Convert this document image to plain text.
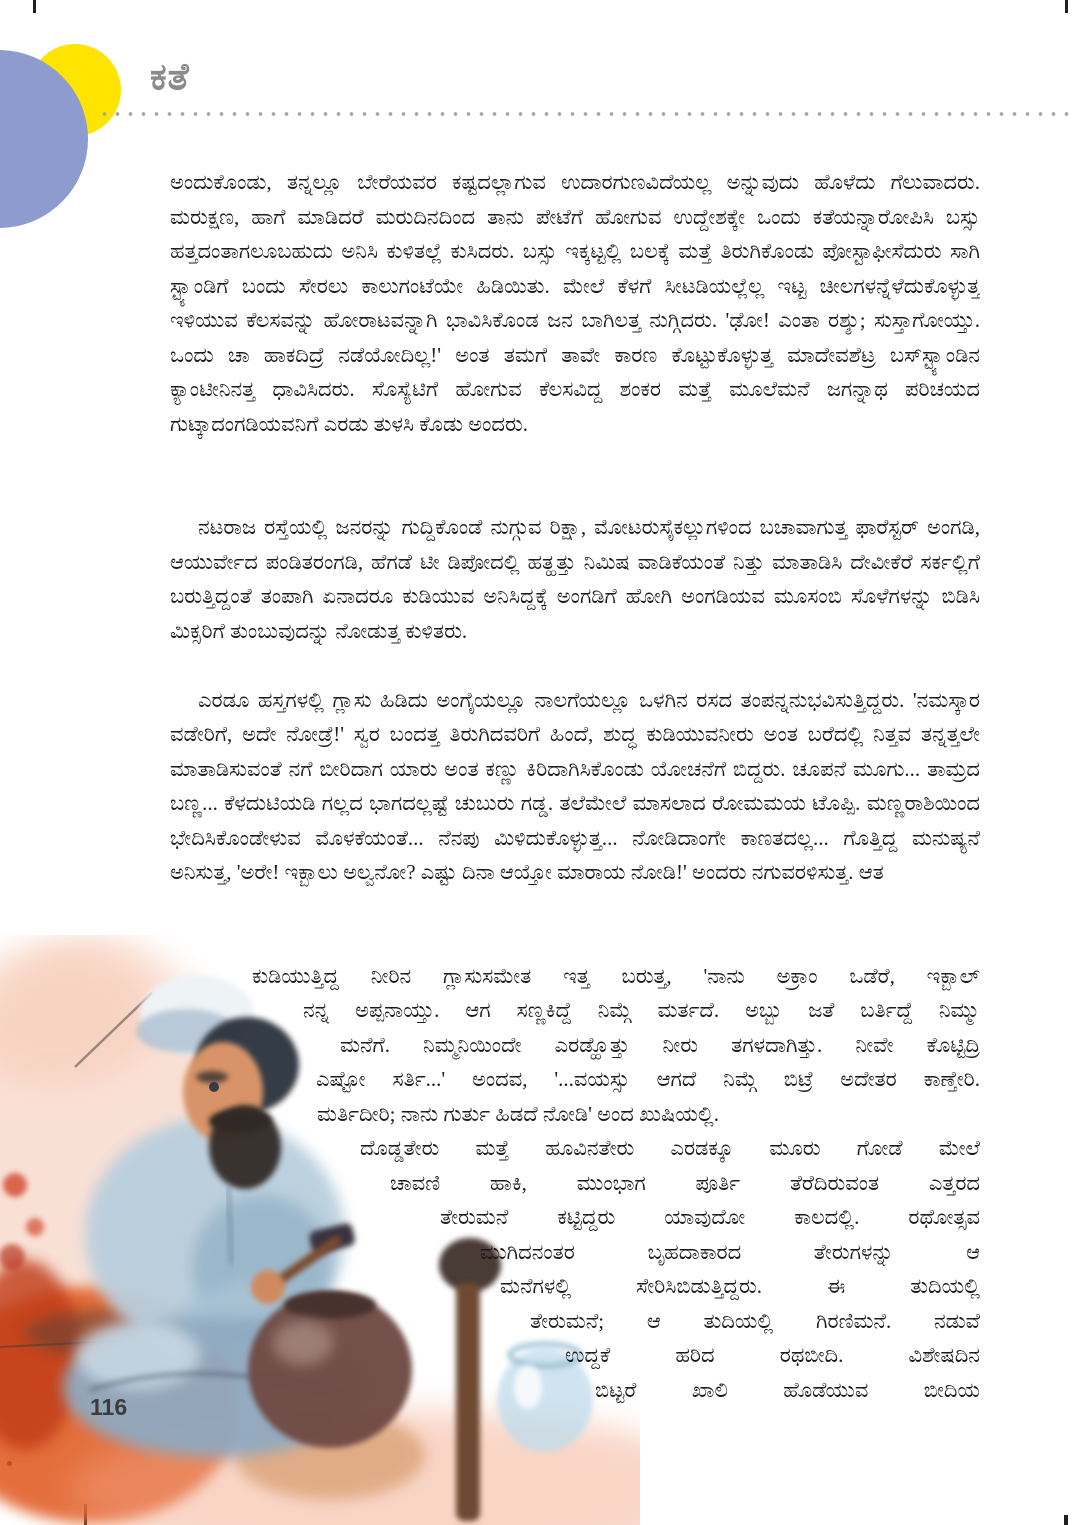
ಕತೆ
116

ಅಂದುಕೊಂಡು, ತನ್ನಲ್ಲೂ ಬೇರೆಯವರ ಕಷ್ಟದಲ್ಲಾಗುವ ಉದಾರಗುಣವಿದೆಯಲ್ಲ ಅನ್ನುವುದು ಹೊಳೆದು ಗೆಲುವಾದರು. ಮರುಕ್ಷಣ, ಹಾಗೆ ಮಾಡಿದರೆ ಮರುದಿನದಿಂದ ತಾನು ಪೇಟೆಗೆ ಹೋಗುವ ಉದ್ದೇಶಕ್ಕೇ ಒಂದು ಕತೆಯನ್ನಾರೋಪಿಸಿ ಬಸ್ಸು ಹತ್ತದಂತಾಗಲೂಬಹುದು ಅನಿಸಿ ಕುಳಿತಲ್ಲೆ ಕುಸಿದರು. ಬಸ್ಸು ಇಕ್ಕಟ್ಟಲ್ಲಿ ಬಲಕ್ಕೆ ಮತ್ತೆ ತಿರುಗಿಕೊಂಡು ಪೋಸ್ಟಾಫೀಸೆದುರು ಸಾಗಿ ಸ್ಟ್ಯಾಂಡಿಗೆ ಬಂದು ಸೇರಲು ಕಾಲುಗಂಟೆಯೇ ಹಿಡಿಯಿತು. ಮೇಲೆ ಕೆಳಗೆ ಸೀಟಡಿಯಲ್ಲೆಲ್ಲ ಇಟ್ಟ ಚೀಲಗಳನ್ನೆಳೆದುಕೊಳ್ಳುತ್ತ ಇಳಿಯುವ ಕೆಲಸವನ್ನು ಹೋರಾಟವನ್ನಾಗಿ ಭಾವಿಸಿಕೊಂಡ ಜನ ಬಾಗಿಲತ್ತ ನುಗ್ಗಿದರು. 'ಢೋ! ಎಂತಾ ರಶ್ಶು; ಸುಸ್ತಾಗೋಯ್ತು. ಒಂದು ಚಾ ಹಾಕದಿದ್ರೆ ನಡೆಯೋದಿಲ್ಲ!' ಅಂತ ತಮಗೆ ತಾವೇ ಕಾರಣ ಕೊಟ್ಟುಕೊಳ್ಳುತ್ತ ಮಾದೇವಶೆಟ್ರ ಬಸ್‌ಸ್ಟ್ಯಾಂಡಿನ ಕ್ಯಾಂಟೀನಿನತ್ತ ಧಾವಿಸಿದರು. ಸೊಸ್ಯೆಟಿಗೆ ಹೋಗುವ ಕೆಲಸವಿದ್ದ ಶಂಕರ ಮತ್ತೆ ಮೂಲೆಮನೆ ಜಗನ್ನಾಥ ಪರಿಚಯದ ಗುಟ್ಕಾದಂಗಡಿಯವನಿಗೆ ಎರಡು ತುಳಸಿ ಕೊಡು ಅಂದರು.

ನಟರಾಜ ರಸ್ತೆಯಲ್ಲಿ ಜನರನ್ನು ಗುದ್ದಿಕೊಂಡೆ ನುಗ್ಗುವ ರಿಕ್ಷಾ, ಮೋಟರುಸೈಕಲ್ಲುಗಳಿಂದ ಬಚಾವಾಗುತ್ತ ಫಾರೆಸ್ಟರ್ ಅಂಗಡಿ, ಆಯುರ್ವೇದ ಪಂಡಿತರಂಗಡಿ, ಹೆಗಡೆ ಟೀ ಡಿಪೋದಲ್ಲಿ ಹತ್ಹತ್ತು ನಿಮಿಷ ವಾಡಿಕೆಯಂತೆ ನಿತ್ತು ಮಾತಾಡಿಸಿ ದೇವೀಕೆರೆ ಸರ್ಕಲ್ಲಿಗೆ ಬರುತ್ತಿದ್ದಂತೆ ತಂಪಾಗಿ ಏನಾದರೂ ಕುಡಿಯುವ ಅನಿಸಿದ್ದಕ್ಕೆ ಅಂಗಡಿಗೆ ಹೋಗಿ ಅಂಗಡಿಯವ ಮೂಸಂಬಿ ಸೊಳೆಗಳನ್ನು ಬಿಡಿಸಿ ಮಿಕ್ಸರಿಗೆ ತುಂಬುವುದನ್ನು ನೋಡುತ್ತ ಕುಳಿತರು.

ಎರಡೂ ಹಸ್ತಗಳಲ್ಲಿ ಗ್ಲಾಸು ಹಿಡಿದು ಅಂಗೈಯಲ್ಲೂ ನಾಲಗೆಯಲ್ಲೂ ಒಳಗಿನ ರಸದ ತಂಪನ್ನನುಭವಿಸುತ್ತಿದ್ದರು. 'ನಮಸ್ಕಾರ ವಡೇರಿಗೆ, ಅದೇ ನೋಡ್ರೆ!' ಸ್ವರ ಬಂದತ್ತ ತಿರುಗಿದವರಿಗೆ ಹಿಂದೆ, ಶುದ್ಧ ಕುಡಿಯುವನೀರು ಅಂತ ಬರೆದಲ್ಲಿ ನಿತ್ತವ ತನ್ನತ್ತಲೇ ಮಾತಾಡಿಸುವಂತೆ ನಗೆ ಬೀರಿದಾಗ ಯಾರು ಅಂತ ಕಣ್ಣು ಕಿರಿದಾಗಿಸಿಕೊಂಡು ಯೋಚನೆಗೆ ಬಿದ್ದರು. ಚೂಪನೆ ಮೂಗು... ತಾಮ್ರದ ಬಣ್ಣ... ಕೆಳದುಟಿಯಡಿ ಗಲ್ಲದ ಭಾಗದಲ್ಲಷ್ಟೆ ಚುಬುರು ಗಡ್ಡ. ತಲೆಮೇಲೆ ಮಾಸಲಾದ ರೋಮಮಯ ಟೊಪ್ಪಿ. ಮಣ್ಣರಾಶಿಯಿಂದ ಭೇದಿಸಿಕೊಂಡೇಳುವ ಮೊಳಕೆಯಂತೆ... ನೆನಪು ಮಿಳಿದುಕೊಳ್ಳುತ್ತ... ನೋಡಿದಾಂಗೇ ಕಾಣತದಲ್ಲ... ಗೊತ್ತಿದ್ದ ಮನುಷ್ಯನೆ ಅನಿಸುತ್ತ, 'ಅರೇ! ಇಕ್ಬಾಲು ಅಲ್ವನೋ? ಎಷ್ಟು ದಿನಾ ಆಯ್ತೋ ಮಾರಾಯ ನೋಡಿ!' ಅಂದರು ನಗುವರಳಿಸುತ್ತ. ಆತ

ಕುಡಿಯುತ್ತಿದ್ದ ನೀರಿನ ಗ್ಲಾಸುಸಮೇತ ಇತ್ತ ಬರುತ್ತ, 'ನಾನು ಅಕ್ರಾಂ ಒಡೆರೆ, ಇಕ್ಬಾಲ್
ನನ್ನ ಅಪ್ಪನಾಯ್ತು. ಆಗ ಸಣ್ಣಕಿದ್ದೆ ನಿಮ್ಗೆ ಮರ್ತದೆ. ಅಬ್ಬು ಜತೆ ಬರ್ತಿದ್ದೆ ನಿಮ್ಮು
ಮನೆಗೆ. ನಿಮ್ಮನಿಯಿಂದೇ ಎರಡ್ಹೊತ್ತು ನೀರು ತಗಳದಾಗಿತ್ತು. ನೀವೇ ಕೊಟ್ಟಿದ್ರಿ
ಎಷ್ಟೋ ಸರ್ತಿ...' ಅಂದವ, '...ವಯಸ್ಸು ಆಗದೆ ನಿಮ್ಗೆ ಬಿಟ್ರೆ ಅದೇತರ ಕಾಣ್ತೇರಿ.
ಮರ್ತಿದೀರಿ; ನಾನು ಗುರ್ತು ಹಿಡದೆ ನೋಡಿ' ಅಂದ ಖುಷಿಯಲ್ಲಿ.
ದೊಡ್ಡತೇರು ಮತ್ತೆ ಹೂವಿನತೇರು ಎರಡಕ್ಕೂ ಮೂರು ಗೋಡೆ ಮೇಲೆ
ಚಾವಣಿ ಹಾಕಿ, ಮುಂಭಾಗ ಪೂರ್ತಿ ತೆರೆದಿರುವಂತ ಎತ್ತರದ
ತೇರುಮನೆ ಕಟ್ಟಿದ್ದರು ಯಾವುದೋ ಕಾಲದಲ್ಲಿ. ರಥೋತ್ಸವ
ಮುಗಿದನಂತರ ಬೃಹದಾಕಾರದ ತೇರುಗಳನ್ನು ಆ
ಮನೆಗಳಲ್ಲಿ ಸೇರಿಸಿಬಿಡುತ್ತಿದ್ದರು. ಈ ತುದಿಯಲ್ಲಿ
ತೇರುಮನೆ; ಆ ತುದಿಯಲ್ಲಿ ಗಿರಣಿಮನೆ. ನಡುವೆ
ಉದ್ದಕೆ ಹರಿದ ರಥಬೀದಿ. ವಿಶೇಷದಿನ
ಬಿಟ್ಟರೆ ಖಾಲಿ ಹೊಡೆಯುವ ಬೀದಿಯ
